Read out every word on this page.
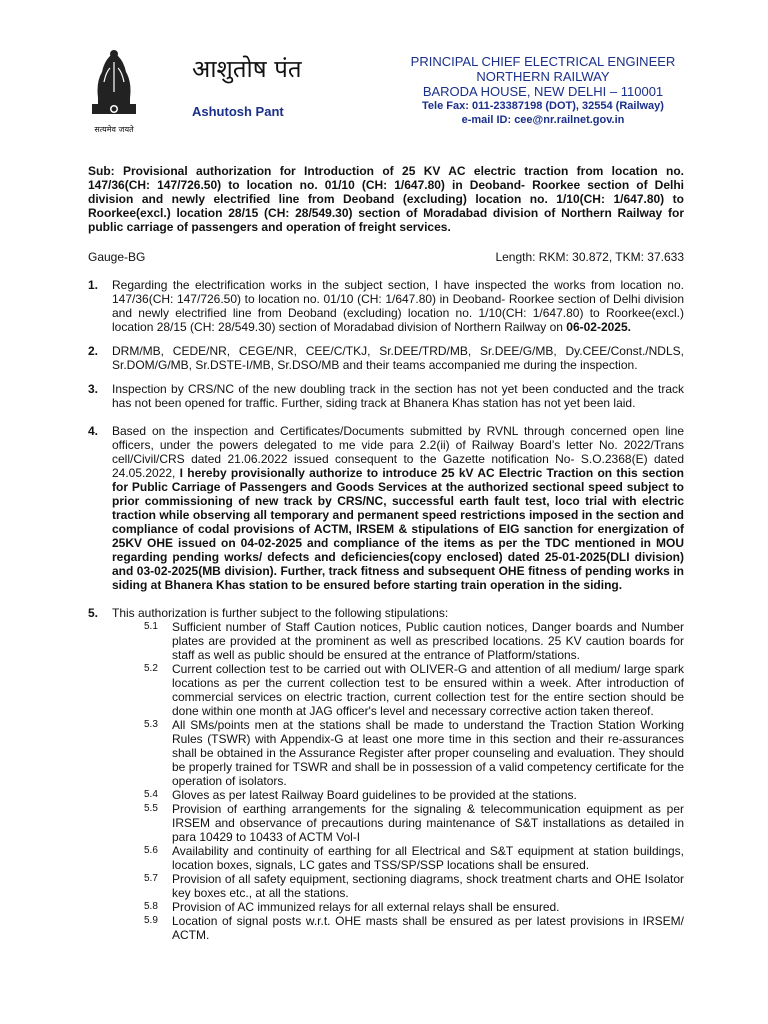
सत्यमेव जयते
आशुतोष पंत
Ashutosh Pant
PRINCIPAL CHIEF ELECTRICAL ENGINEER
NORTHERN RAILWAY
BARODA HOUSE, NEW DELHI – 110001
Tele Fax: 011-23387198 (DOT), 32554 (Railway)
e-mail ID: cee@nr.railnet.gov.in
Sub: Provisional authorization for Introduction of 25 KV AC electric traction from location no. 147/36(CH: 147/726.50) to location no. 01/10 (CH: 1/647.80) in Deoband- Roorkee section of Delhi division and newly electrified line from Deoband (excluding) location no. 1/10(CH: 1/647.80) to Roorkee(excl.) location 28/15 (CH: 28/549.30) section of Moradabad division of Northern Railway for public carriage of passengers and operation of freight services.
Gauge-BG	Length: RKM: 30.872, TKM: 37.633
1.	Regarding the electrification works in the subject section, I have inspected the works from location no. 147/36(CH: 147/726.50) to location no. 01/10 (CH: 1/647.80) in Deoband- Roorkee section of Delhi division and newly electrified line from Deoband (excluding) location no. 1/10(CH: 1/647.80) to Roorkee(excl.) location 28/15 (CH: 28/549.30) section of Moradabad division of Northern Railway on 06-02-2025.
2.	DRM/MB, CEDE/NR, CEGE/NR, CEE/C/TKJ, Sr.DEE/TRD/MB, Sr.DEE/G/MB, Dy.CEE/Const./NDLS, Sr.DOM/G/MB, Sr.DSTE-I/MB, Sr.DSO/MB and their teams accompanied me during the inspection.
3.	Inspection by CRS/NC of the new doubling track in the section has not yet been conducted and the track has not been opened for traffic. Further, siding track at Bhanera Khas station has not yet been laid.
4.	Based on the inspection and Certificates/Documents submitted by RVNL through concerned open line officers, under the powers delegated to me vide para 2.2(ii) of Railway Board’s letter No. 2022/Trans cell/Civil/CRS dated 21.06.2022 issued consequent to the Gazette notification No- S.O.2368(E) dated 24.05.2022, I hereby provisionally authorize to introduce 25 kV AC Electric Traction on this section for Public Carriage of Passengers and Goods Services at the authorized sectional speed subject to prior commissioning of new track by CRS/NC, successful earth fault test, loco trial with electric traction while observing all temporary and permanent speed restrictions imposed in the section and compliance of codal provisions of ACTM, IRSEM & stipulations of EIG sanction for energization of 25KV OHE issued on 04-02-2025 and compliance of the items as per the TDC mentioned in MOU regarding pending works/ defects and deficiencies(copy enclosed) dated 25-01-2025(DLI division) and 03-02-2025(MB division). Further, track fitness and subsequent OHE fitness of pending works in siding at Bhanera Khas station to be ensured before starting train operation in the siding.
5.	This authorization is further subject to the following stipulations:
5.1	Sufficient number of Staff Caution notices, Public caution notices, Danger boards and Number plates are provided at the prominent as well as prescribed locations. 25 KV caution boards for staff as well as public should be ensured at the entrance of Platform/stations.
5.2	Current collection test to be carried out with OLIVER-G and attention of all medium/ large spark locations as per the current collection test to be ensured within a week. After introduction of commercial services on electric traction, current collection test for the entire section should be done within one month at JAG officer's level and necessary corrective action taken thereof.
5.3	All SMs/points men at the stations shall be made to understand the Traction Station Working Rules (TSWR) with Appendix-G at least one more time in this section and their re-assurances shall be obtained in the Assurance Register after proper counseling and evaluation. They should be properly trained for TSWR and shall be in possession of a valid competency certificate for the operation of isolators.
5.4	Gloves as per latest Railway Board guidelines to be provided at the stations.
5.5	Provision of earthing arrangements for the signaling & telecommunication equipment as per IRSEM and observance of precautions during maintenance of S&T installations as detailed in para 10429 to 10433 of ACTM Vol-I
5.6	Availability and continuity of earthing for all Electrical and S&T equipment at station buildings, location boxes, signals, LC gates and TSS/SP/SSP locations shall be ensured.
5.7	Provision of all safety equipment, sectioning diagrams, shock treatment charts and OHE Isolator key boxes etc., at all the stations.
5.8	Provision of AC immunized relays for all external relays shall be ensured.
5.9	Location of signal posts w.r.t. OHE masts shall be ensured as per latest provisions in IRSEM/ ACTM.
